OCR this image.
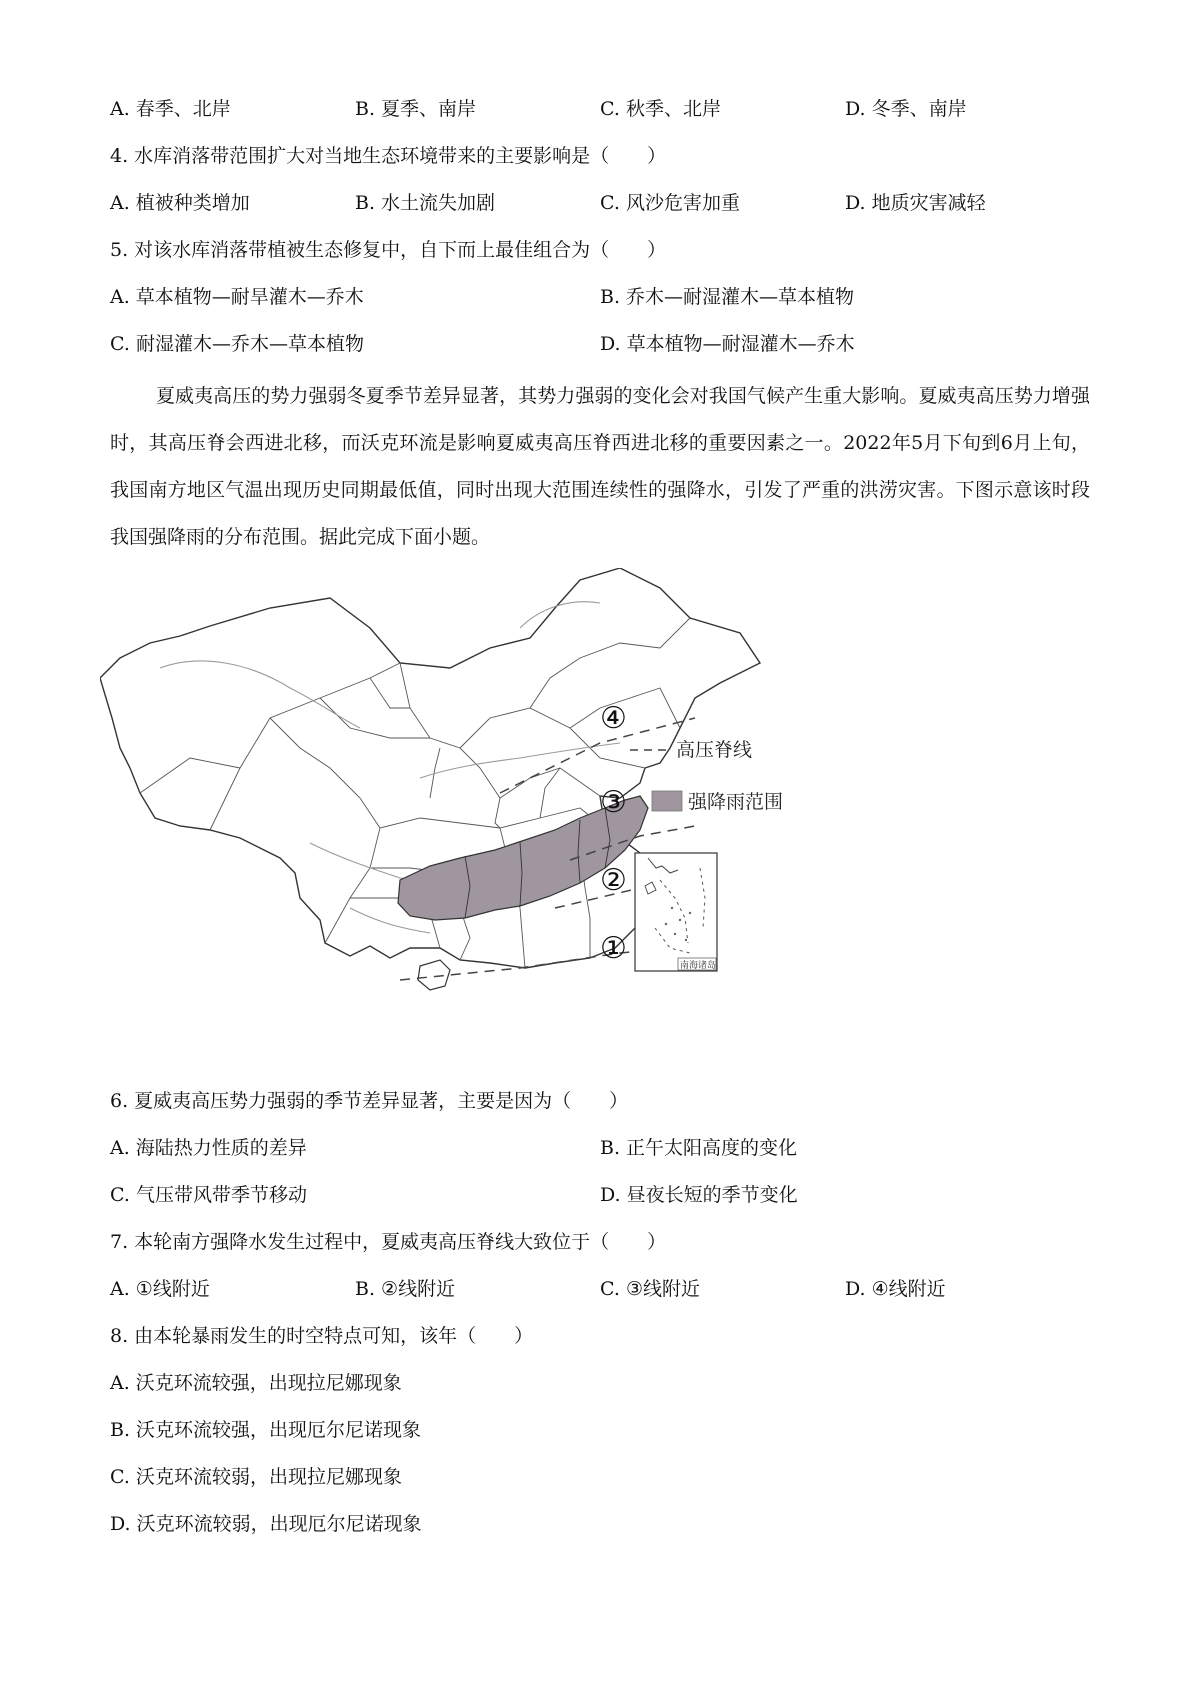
A. 春季、北岸	B. 夏季、南岸	C. 秋季、北岸	D. 冬季、南岸
4. 水库消落带范围扩大对当地生态环境带来的主要影响是（　　）
A. 植被种类增加	B. 水土流失加剧	C. 风沙危害加重	D. 地质灾害减轻
5. 对该水库消落带植被生态修复中，自下而上最佳组合为（　　）
A. 草本植物—耐旱灌木—乔木	B. 乔木—耐湿灌木—草本植物
C. 耐湿灌木—乔木—草本植物	D. 草本植物—耐湿灌木—乔木

夏威夷高压的势力强弱冬夏季节差异显著，其势力强弱的变化会对我国气候产生重大影响。夏威夷高压势力增强时，其高压脊会西进北移，而沃克环流是影响夏威夷高压脊西进北移的重要因素之一。2022年5月下旬到6月上旬，我国南方地区气温出现历史同期最低值，同时出现大范围连续性的强降水，引发了严重的洪涝灾害。下图示意该时段我国强降雨的分布范围。据此完成下面小题。

④
③
②
①
高压脊线
强降雨范围
南海诸岛
6. 夏威夷高压势力强弱的季节差异显著，主要是因为（　　）
A. 海陆热力性质的差异	B. 正午太阳高度的变化
C. 气压带风带季节移动	D. 昼夜长短的季节变化
7. 本轮南方强降水发生过程中，夏威夷高压脊线大致位于（　　）
A. ①线附近	B. ②线附近	C. ③线附近	D. ④线附近
8. 由本轮暴雨发生的时空特点可知，该年（　　）
A. 沃克环流较强，出现拉尼娜现象
B. 沃克环流较强，出现厄尔尼诺现象
C. 沃克环流较弱，出现拉尼娜现象
D. 沃克环流较弱，出现厄尔尼诺现象
